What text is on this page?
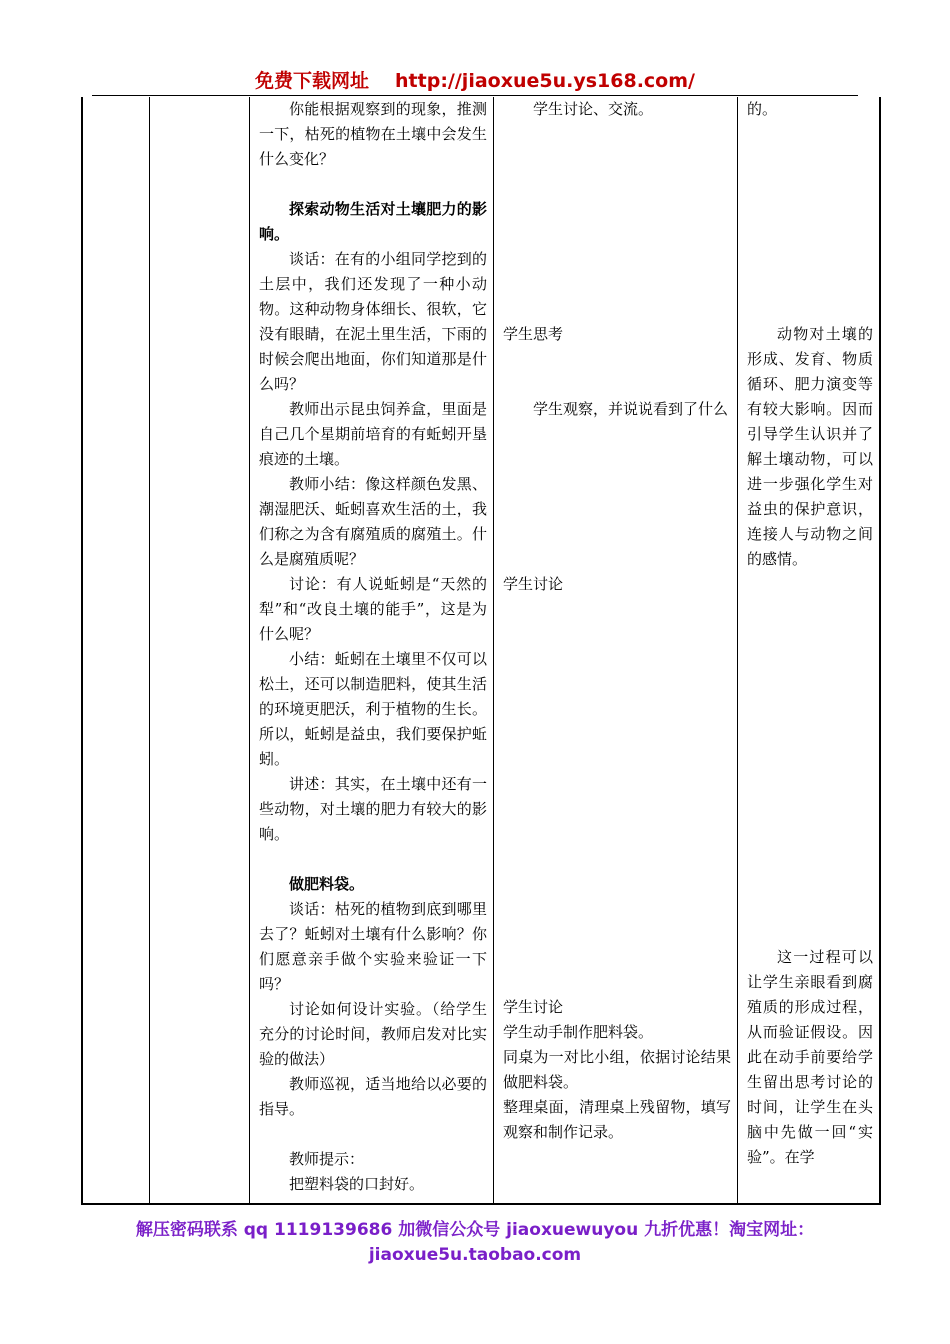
免费下载网址 http://jiaoxue5u.ys168.com/

你能根据观察到的现象，推测一下，枯死的植物在土壤中会发生什么变化？

探索动物生活对土壤肥力的影响。

谈话：在有的小组同学挖到的土层中，我们还发现了一种小动物。这种动物身体细长、很软，它没有眼睛，在泥土里生活，下雨的时候会爬出地面，你们知道那是什么吗？

教师出示昆虫饲养盒，里面是自己几个星期前培育的有蚯蚓开垦痕迹的土壤。

教师小结：像这样颜色发黑、潮湿肥沃、蚯蚓喜欢生活的土，我们称之为含有腐殖质的腐殖土。什么是腐殖质呢？

讨论：有人说蚯蚓是“天然的犁”和“改良土壤的能手”，这是为什么呢？

小结：蚯蚓在土壤里不仅可以松土，还可以制造肥料，使其生活的环境更肥沃，利于植物的生长。所以，蚯蚓是益虫，我们要保护蚯蚓。

讲述：其实，在土壤中还有一些动物，对土壤的肥力有较大的影响。

做肥料袋。

谈话：枯死的植物到底到哪里去了？蚯蚓对土壤有什么影响？你们愿意亲手做个实验来验证一下吗？

讨论如何设计实验。（给学生充分的讨论时间，教师启发对比实验的做法）

教师巡视，适当地给以必要的指导。

教师提示：

把塑料袋的口封好。

学生讨论、交流。

学生思考

学生观察，并说说看到了什么

学生讨论

学生讨论

学生动手制作肥料袋。

同桌为一对比小组，依据讨论结果做肥料袋。

整理桌面，清理桌上残留物，填写观察和制作记录。

的。

动物对土壤的形成、发育、物质循环、肥力演变等有较大影响。因而引导学生认识并了解土壤动物，可以进一步强化学生对益虫的保护意识，连接人与动物之间的感情。

这一过程可以让学生亲眼看到腐殖质的形成过程，从而验证假设。因此在动手前要给学生留出思考讨论的时间，让学生在头脑中先做一回“实验”。在学

解压密码联系 qq 1119139686 加微信公众号 jiaoxuewuyou 九折优惠！淘宝网址：
jiaoxue5u.taobao.com
